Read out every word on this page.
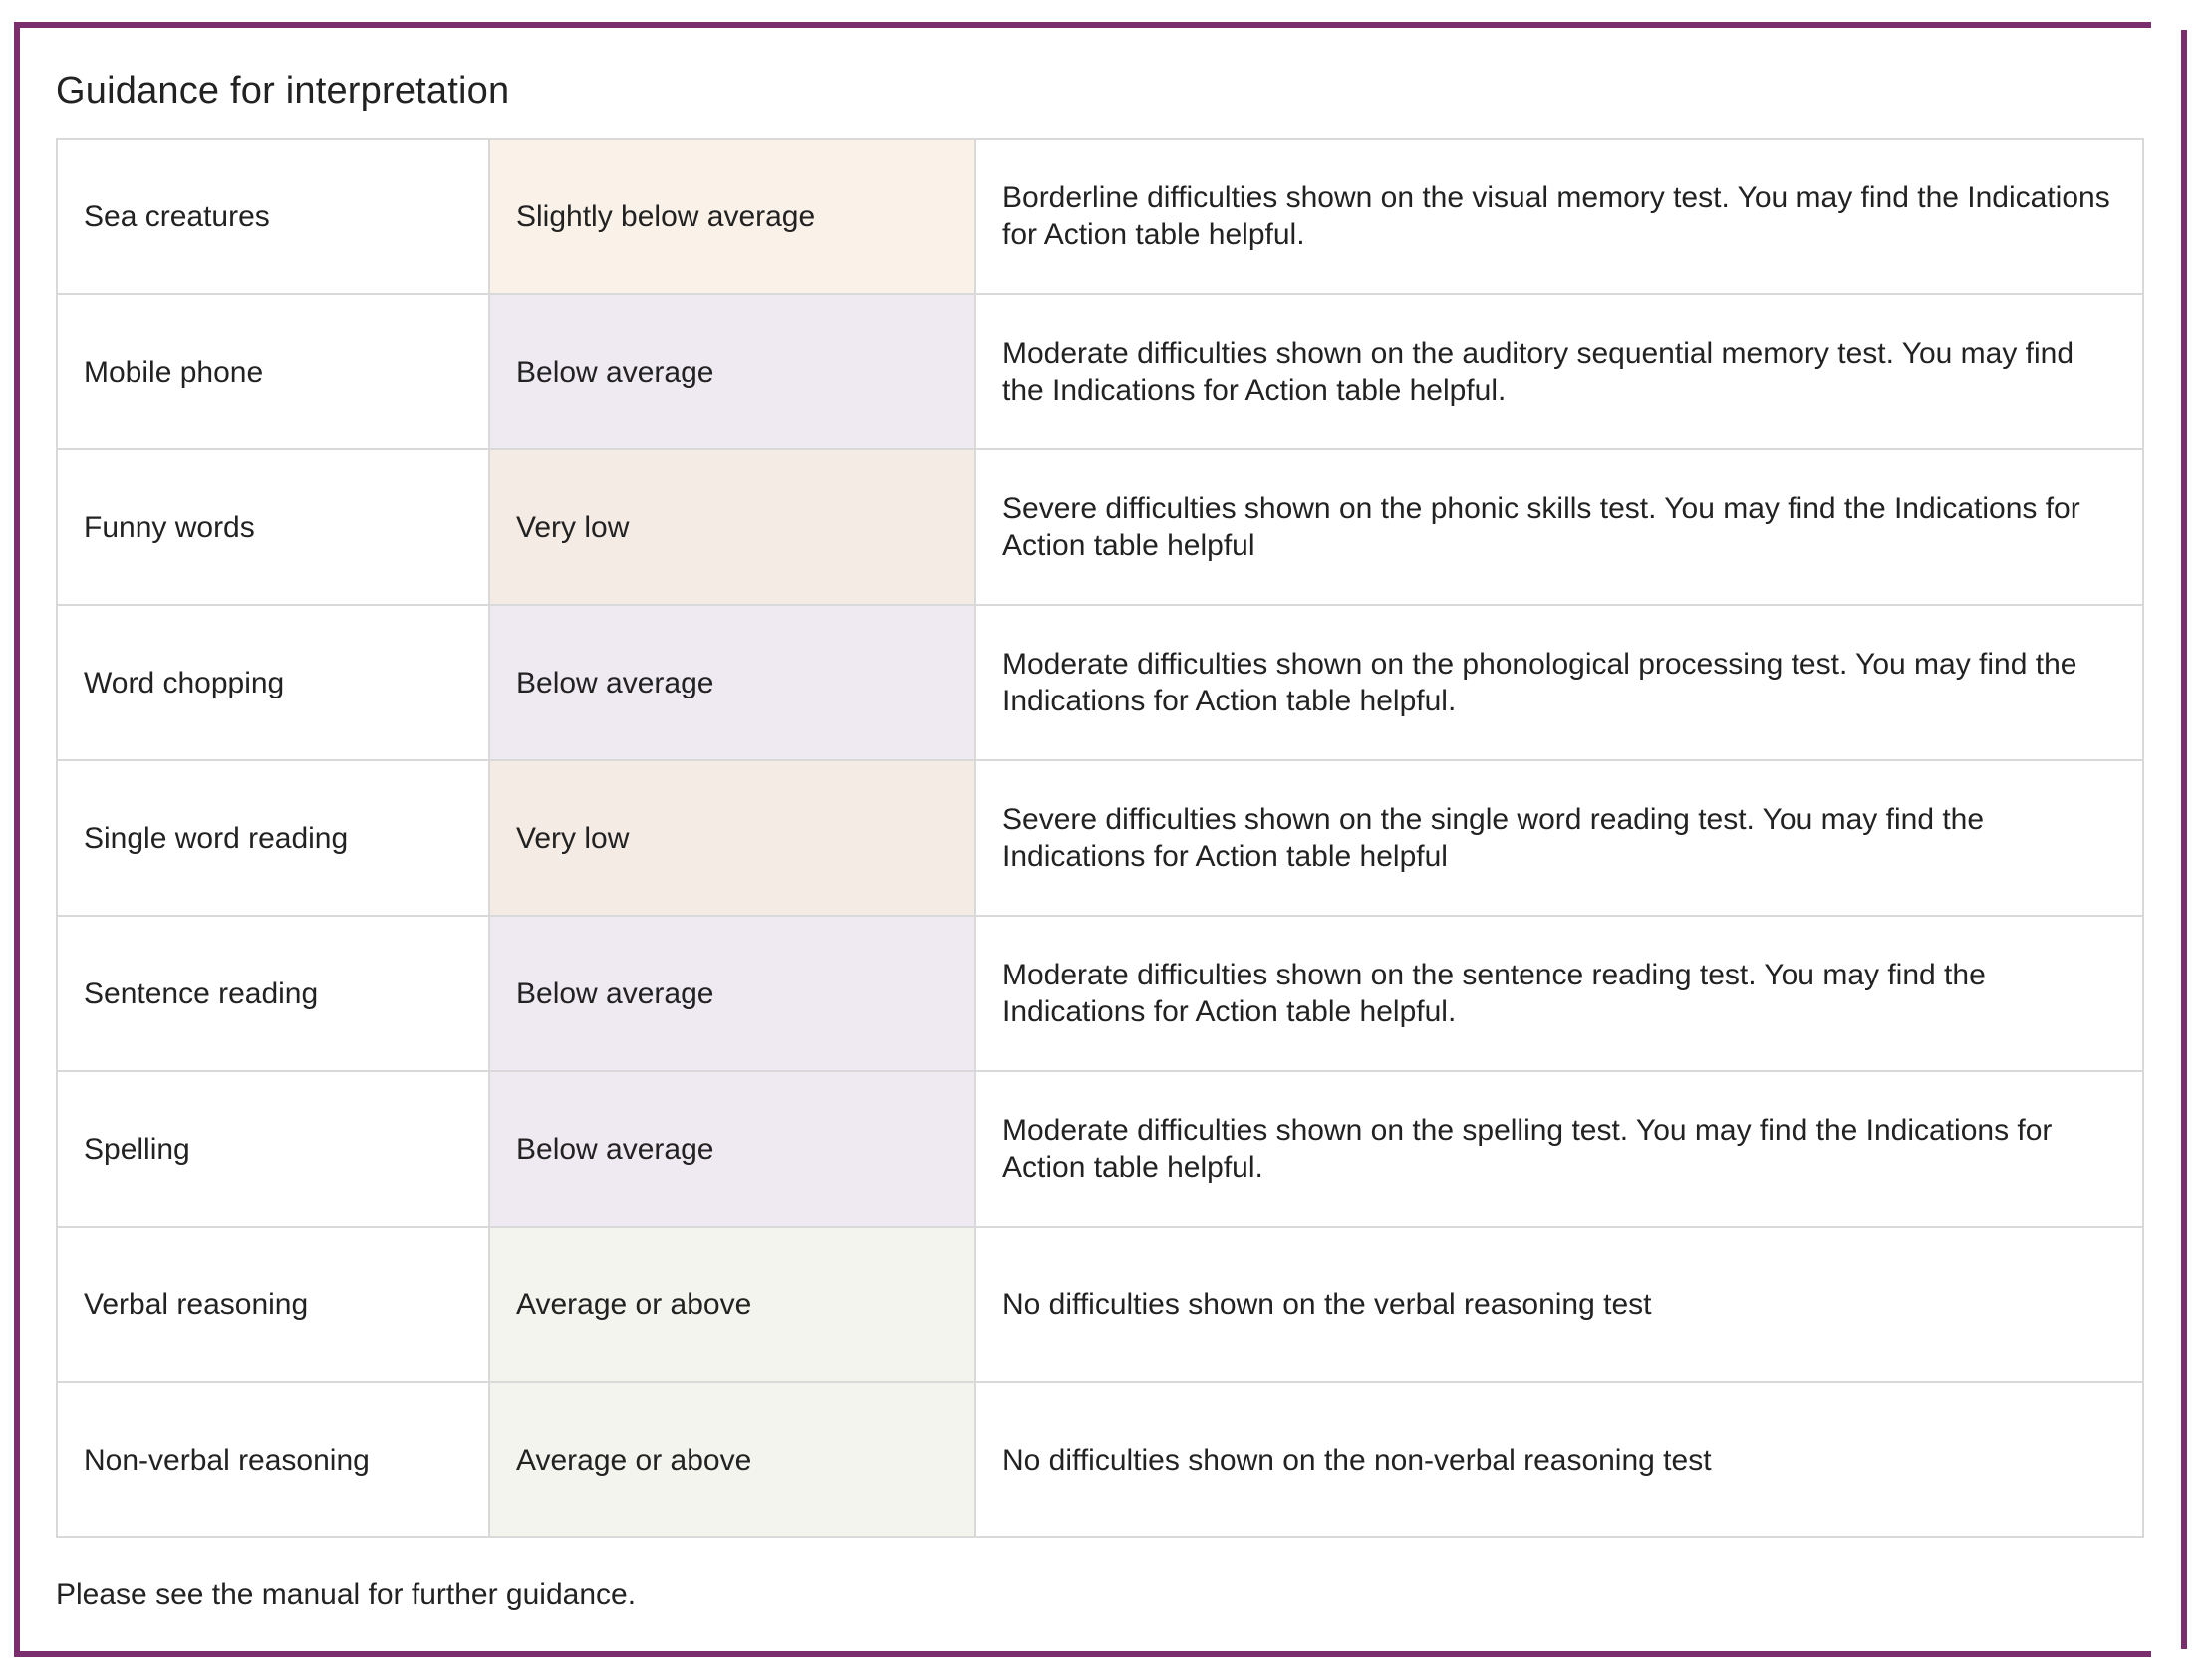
Guidance for interpretation
Sea creatures	Slightly below average	Borderline difficulties shown on the visual memory test. You may find the Indications for Action table helpful.
Mobile phone	Below average	Moderate difficulties shown on the auditory sequential memory test. You may find the Indications for Action table helpful.
Funny words	Very low	Severe difficulties shown on the phonic skills test. You may find the Indications for Action table helpful
Word chopping	Below average	Moderate difficulties shown on the phonological processing test. You may find the Indications for Action table helpful.
Single word reading	Very low	Severe difficulties shown on the single word reading test. You may find the Indications for Action table helpful
Sentence reading	Below average	Moderate difficulties shown on the sentence reading test. You may find the Indications for Action table helpful.
Spelling	Below average	Moderate difficulties shown on the spelling test. You may find the Indications for Action table helpful.
Verbal reasoning	Average or above	No difficulties shown on the verbal reasoning test
Non-verbal reasoning	Average or above	No difficulties shown on the non-verbal reasoning test

Please see the manual for further guidance.
